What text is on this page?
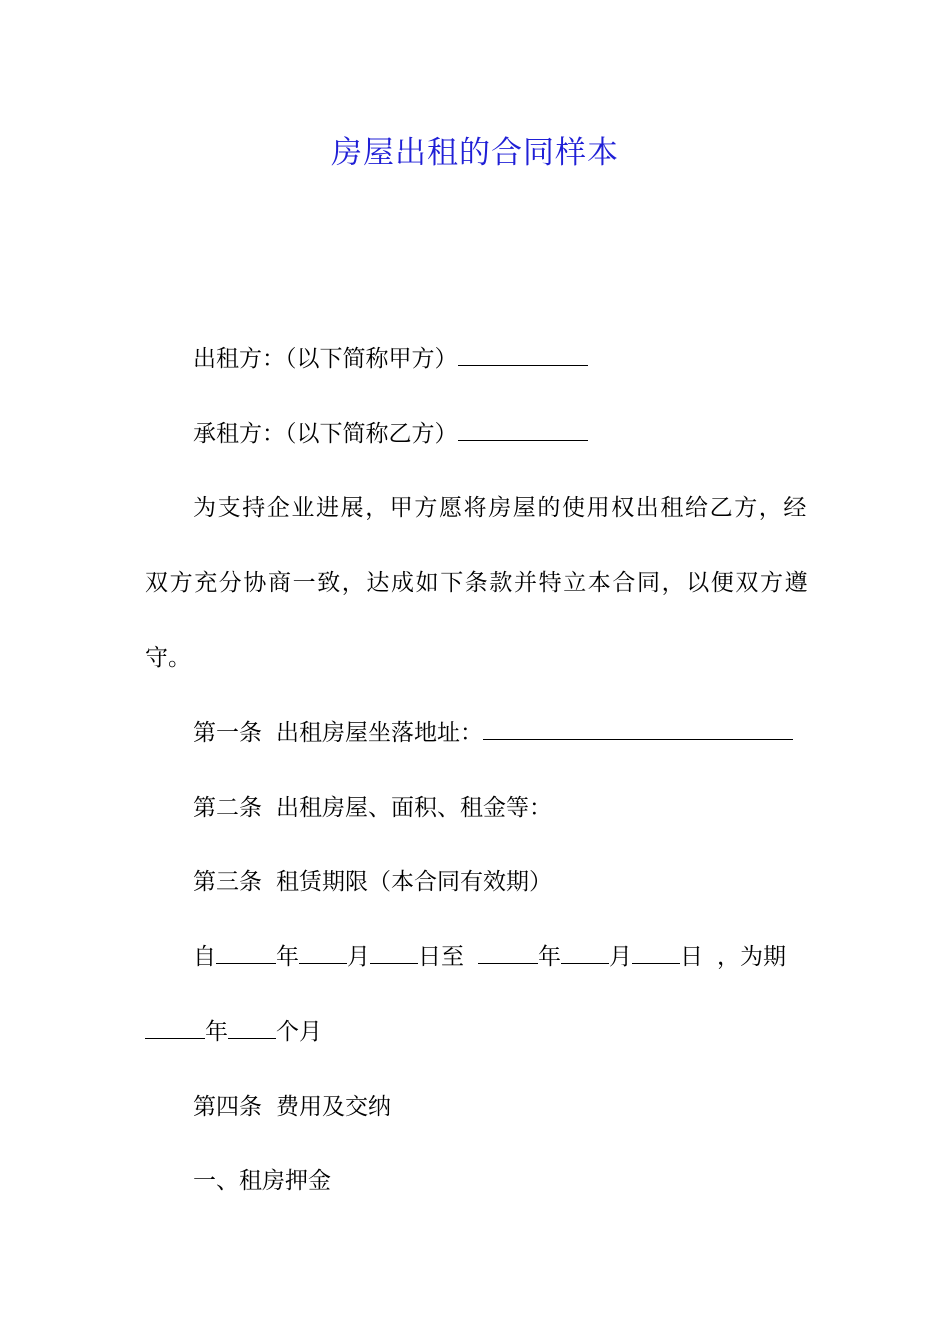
房屋出租的合同样本
出租方：（以下简称甲方）
承租方：（以下简称乙方）
为支持企业进展，甲方愿将房屋的使用权出租给乙方，经
双方充分协商一致，达成如下条款并特立本合同，以便双方遵
守。
第一条 出租房屋坐落地址：
第二条 出租房屋、面积、租金等：
第三条 租赁期限（本合同有效期）
自	年 月 日至	年 月 日 ，为期
年 个月
第四条 费用及交纳
一、租房押金
